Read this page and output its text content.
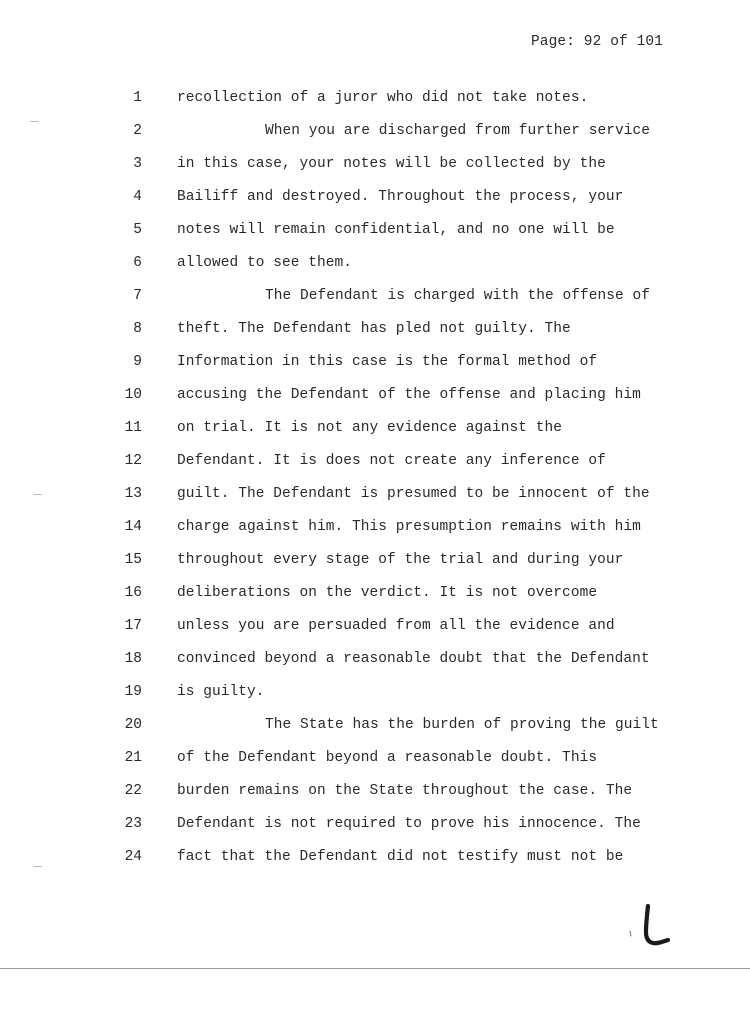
Page: 92 of 101
1 recollection of a juror who did not take notes.
2	When you are discharged from further service
3 in this case, your notes will be collected by the
4 Bailiff and destroyed. Throughout the process, your
5 notes will remain confidential, and no one will be
6 allowed to see them.
7	The Defendant is charged with the offense of
8 theft. The Defendant has pled not guilty. The
9 Information in this case is the formal method of
10 accusing the Defendant of the offense and placing him
11 on trial. It is not any evidence against the
12 Defendant. It is does not create any inference of
13 guilt. The Defendant is presumed to be innocent of the
14 charge against him. This presumption remains with him
15 throughout every stage of the trial and during your
16 deliberations on the verdict. It is not overcome
17 unless you are persuaded from all the evidence and
18 convinced beyond a reasonable doubt that the Defendant
19 is guilty.
20	The State has the burden of proving the guilt
21 of the Defendant beyond a reasonable doubt. This
22 burden remains on the State throughout the case. The
23 Defendant is not required to prove his innocence. The
24 fact that the Defendant did not testify must not be
